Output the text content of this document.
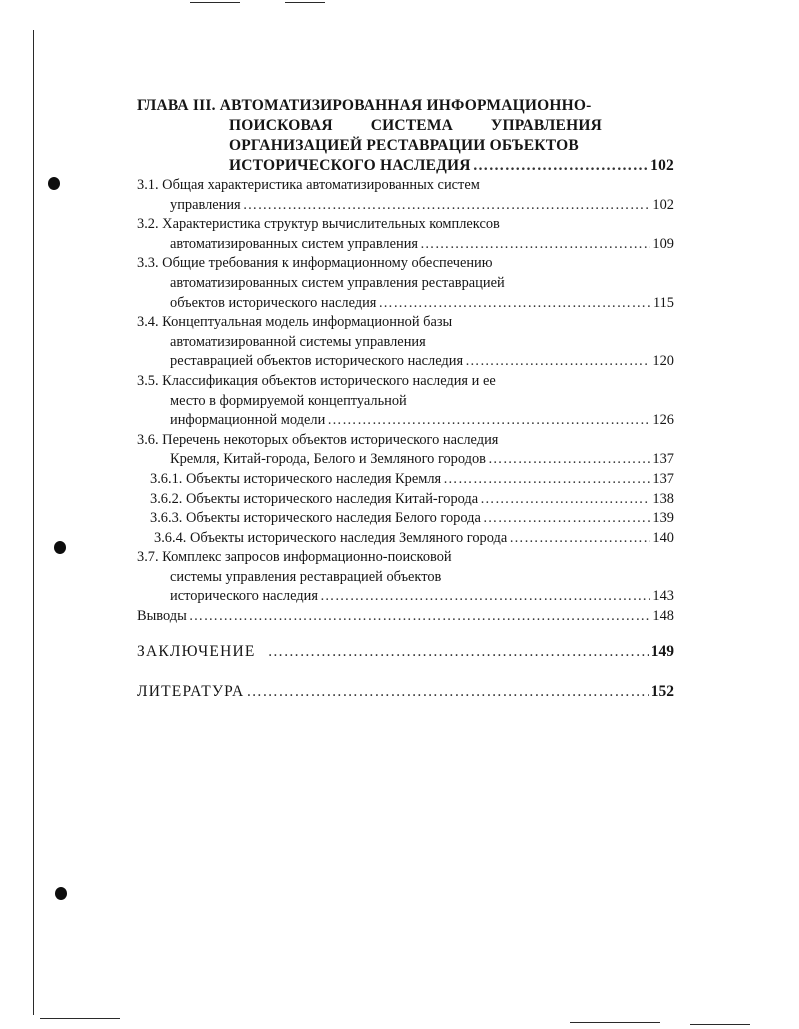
ГЛАВА III. АВТОМАТИЗИРОВАННАЯ ИНФОРМАЦИОННО-
ПОИСКОВАЯ СИСТЕМА УПРАВЛЕНИЯ
ОРГАНИЗАЦИЕЙ РЕСТАВРАЦИИ ОБЪЕКТОВ
ИСТОРИЧЕСКОГО НАСЛЕДИЯ …………………………………………………………………………………………………………………………………………………………	102
3.1. Общая характеристика автоматизированных систем
управления …………………………………………………………………………………………………………………………………………………………	102
3.2. Характеристика структур вычислительных комплексов
автоматизированных систем управления …………………………………………………………………………………………………………………………………………………………	109
3.3. Общие требования к информационному обеспечению
автоматизированных систем управления реставрацией
объектов исторического наследия …………………………………………………………………………………………………………………………………………………………	115
3.4. Концептуальная модель информационной базы
автоматизированной системы управления
реставрацией объектов исторического наследия …………………………………………………………………………………………………………………………………………………………	120
3.5. Классификация объектов исторического наследия и ее
место в формируемой концептуальной
информационной модели …………………………………………………………………………………………………………………………………………………………	126
3.6. Перечень некоторых объектов исторического наследия
Кремля, Китай-города, Белого и Земляного городов …………………………………………………………………………………………………………………………………………………………	137
3.6.1. Объекты исторического наследия Кремля …………………………………………………………………………………………………………………………………………………………	137
3.6.2. Объекты исторического наследия Китай-города …………………………………………………………………………………………………………………………………………………………	138
3.6.3. Объекты исторического наследия Белого города …………………………………………………………………………………………………………………………………………………………	139
3.6.4. Объекты исторического наследия Земляного города …………………………………………………………………………………………………………………………………………………………	140
3.7. Комплекс запросов информационно-поисковой
системы управления реставрацией объектов
исторического наследия …………………………………………………………………………………………………………………………………………………………	143
Выводы …………………………………………………………………………………………………………………………………………………………	148
ЗАКЛЮЧЕНИЕ …………………………………………………………………………………………………………………………………………………………	149
ЛИТЕРАТУРА …………………………………………………………………………………………………………………………………………………………	152
